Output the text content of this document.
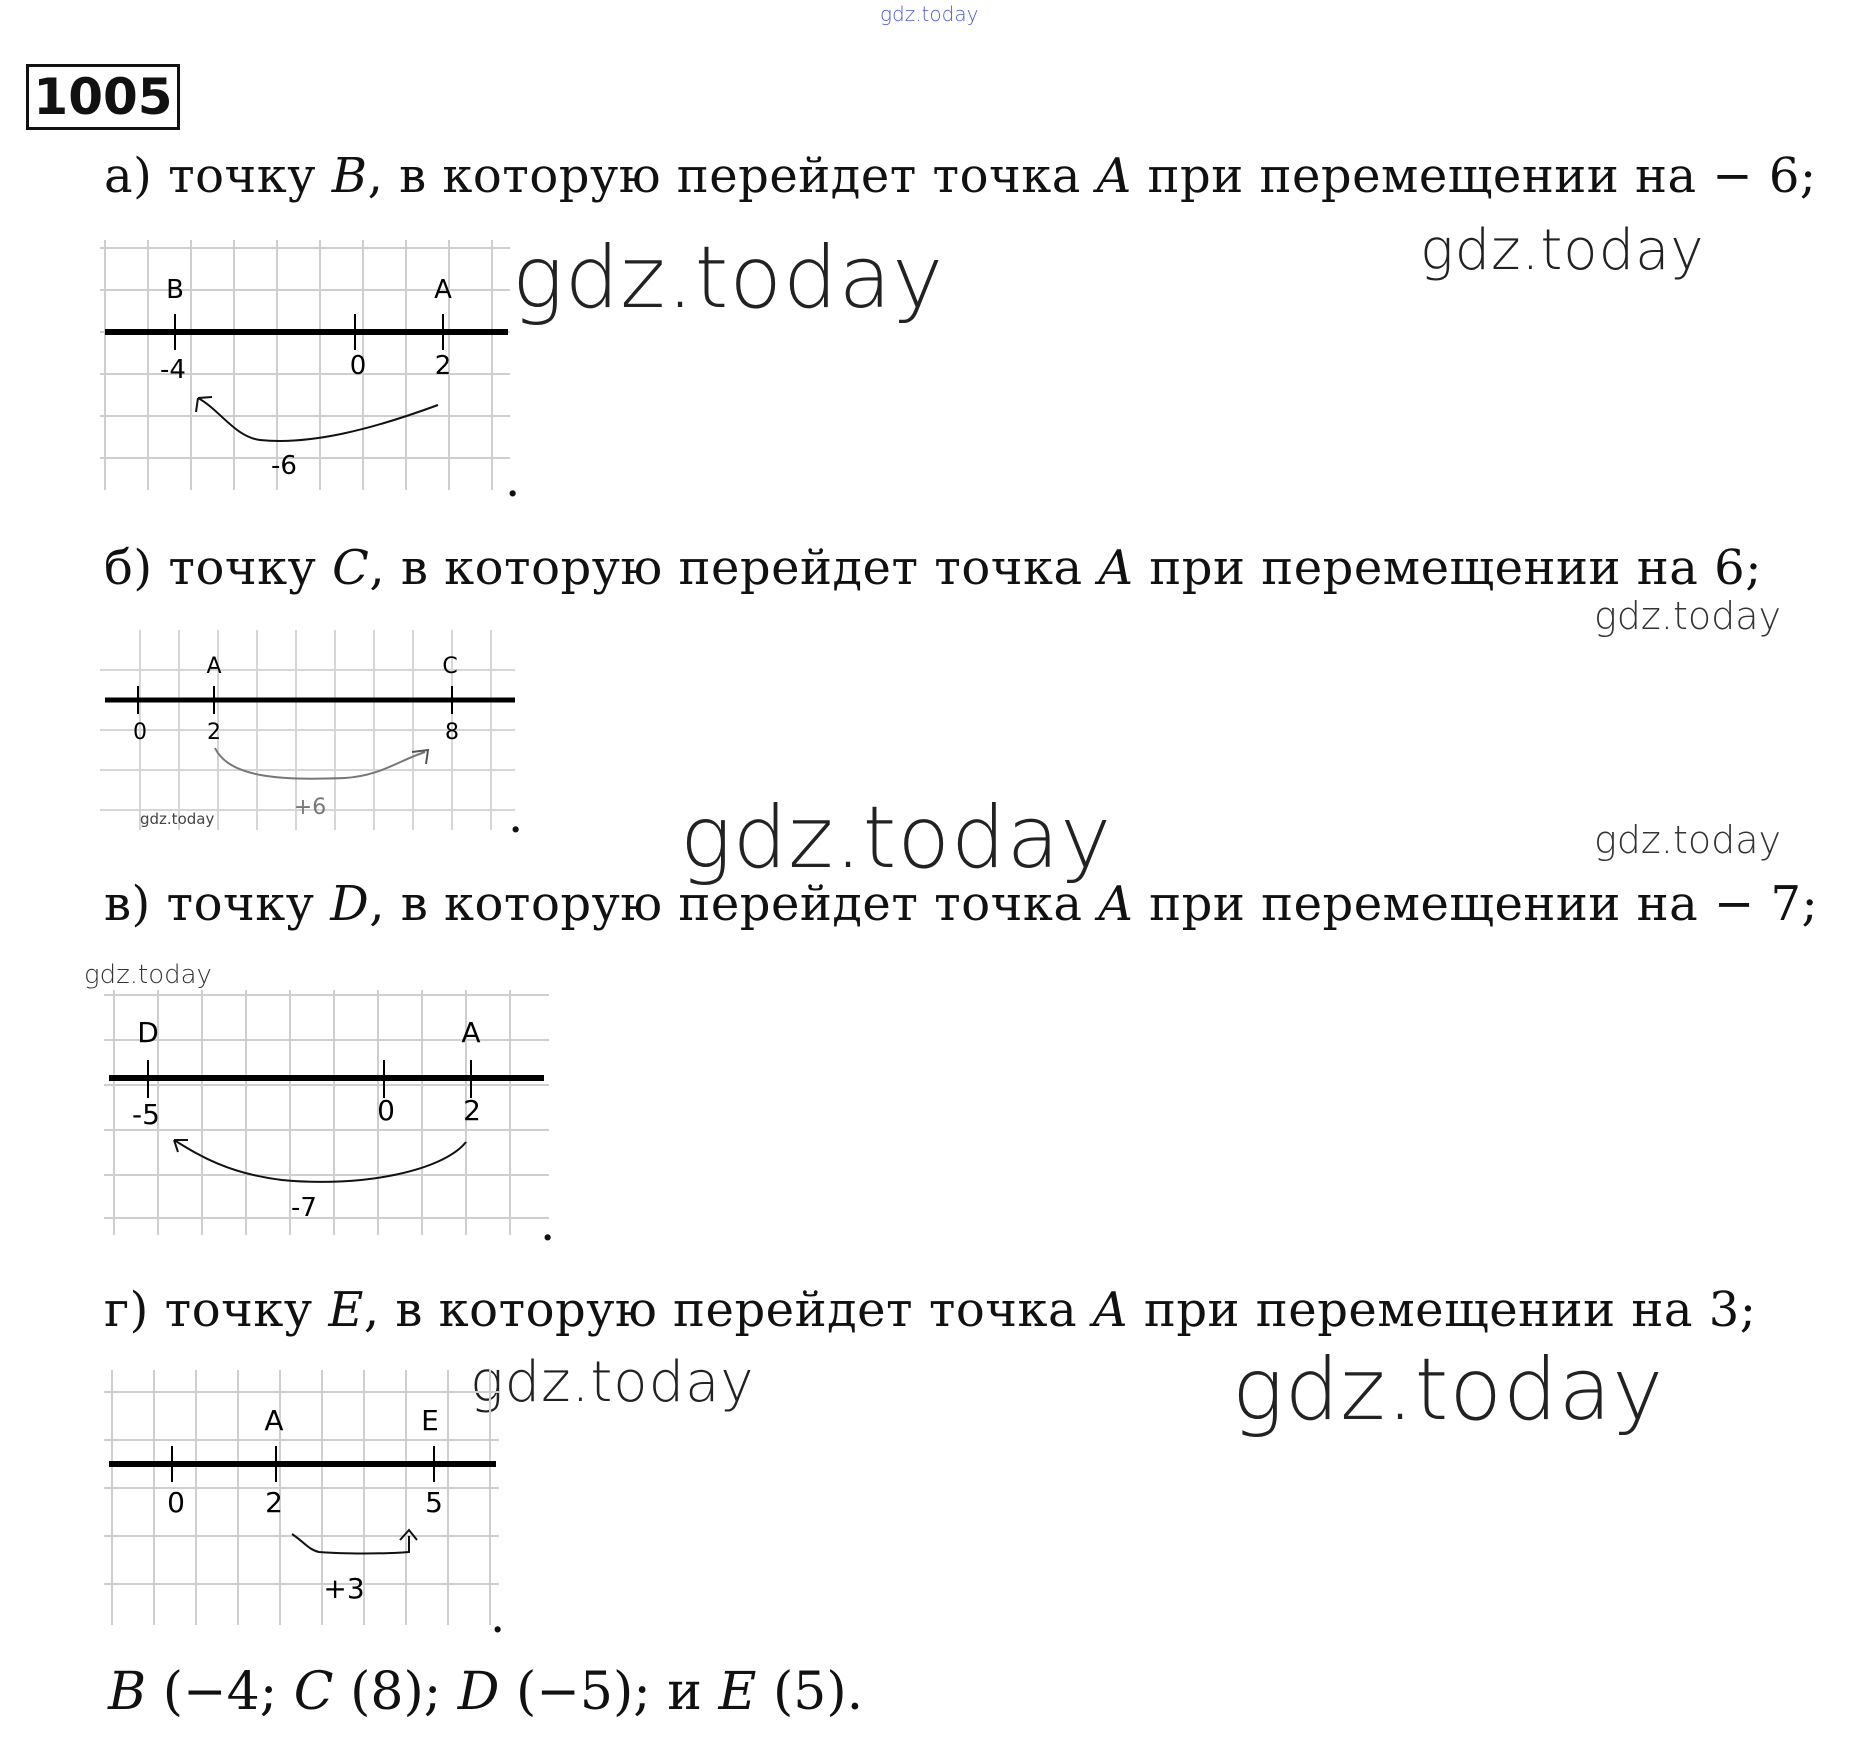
gdz.today
1005
а) точку B, в которую перейдет точка A при перемещении на − 6;
B	A
-4	0	2
-6	.
gdz.today	gdz.today
б) точку C, в которую перейдет точка A при перемещении на 6;
gdz.today
A	C
0	2	8
+6
gdz.today	. gdz.today	gdz.today
в) точку D, в которую перейдет точка A при перемещении на − 7;
gdz.today
D	A
-5	0 2
-7	.
г) точку E, в которую перейдет точка A при перемещении на 3;
gdz.today	gdz.today
A	E
0	2	5
+3	.
B (−4; C (8); D (−5); и E (5).
